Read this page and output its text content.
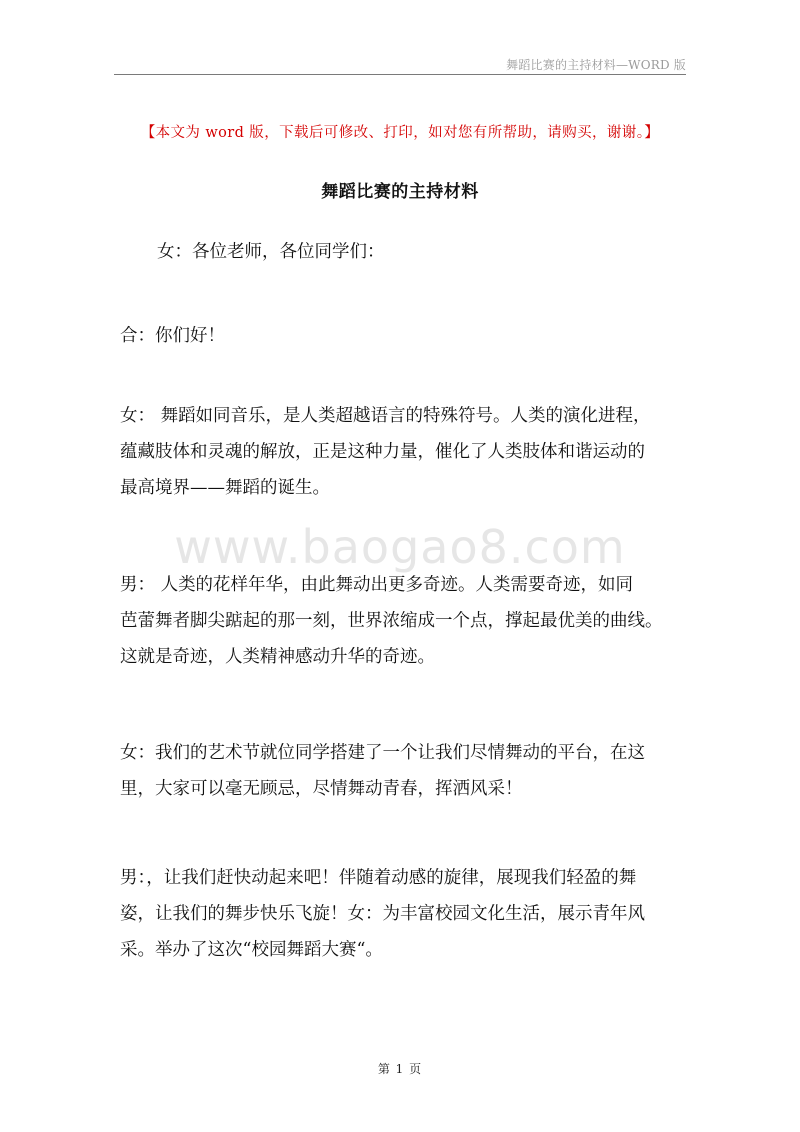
舞蹈比赛的主持材料—WORD 版
【本文为 word 版，下载后可修改、打印，如对您有所帮助，请购买，谢谢。】
舞蹈比赛的主持材料
www.baogao8.com
女：各位老师，各位同学们：
合：你们好！
女： 舞蹈如同音乐，是人类超越语言的特殊符号。人类的演化进程，
蕴藏肢体和灵魂的解放，正是这种力量，催化了人类肢体和谐运动的
最高境界——舞蹈的诞生。
男： 人类的花样年华，由此舞动出更多奇迹。人类需要奇迹，如同
芭蕾舞者脚尖踮起的那一刻，世界浓缩成一个点，撑起最优美的曲线。
这就是奇迹，人类精神感动升华的奇迹。
女：我们的艺术节就位同学搭建了一个让我们尽情舞动的平台，在这
里，大家可以毫无顾忌，尽情舞动青春，挥洒风采！
男：，让我们赶快动起来吧！伴随着动感的旋律，展现我们轻盈的舞
姿，让我们的舞步快乐飞旋！女：为丰富校园文化生活，展示青年风
采。举办了这次“校园舞蹈大赛“。
第 1 页
